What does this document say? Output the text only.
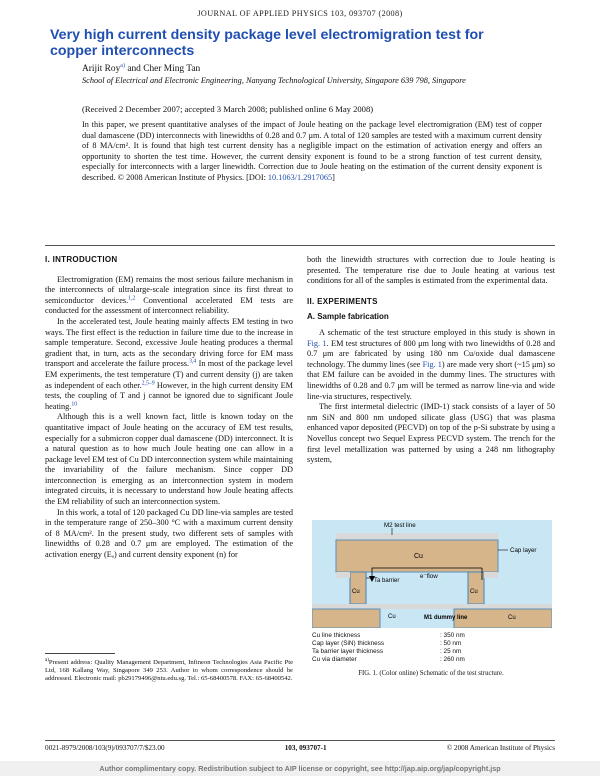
JOURNAL OF APPLIED PHYSICS 103, 093707 (2008)
Very high current density package level electromigration test for copper interconnects
Arijit Roy$^{a)}$ and Cher Ming Tan
School of Electrical and Electronic Engineering, Nanyang Technological University, Singapore 639 798, Singapore
(Received 2 December 2007; accepted 3 March 2008; published online 6 May 2008)
In this paper, we present quantitative analyses of the impact of Joule heating on the package level electromigration (EM) test of copper dual damascene (DD) interconnects with linewidths of 0.28 and 0.7 μm. A total of 120 samples are tested with a maximum current density of 8 MA/cm². It is found that high test current density has a negligible impact on the estimation of activation energy and offers an opportunity to shorten the test time. However, the current density exponent is found to be a strong function of test current density, especially for interconnects with a larger linewidth. Correction due to Joule heating on the estimation of the current density exponent is described. © 2008 American Institute of Physics. [DOI: 10.1063/1.2917065]
I. INTRODUCTION

Electromigration (EM) remains the most serious failure mechanism in the interconnects of ultralarge-scale integration since its first threat to semiconductor devices.$^{1,2}$ Conventional accelerated EM tests are conducted for the assessment of interconnect reliability.

In the accelerated test, Joule heating mainly affects EM testing in two ways. The first effect is the reduction in failure time due to the increase in sample temperature. Second, excessive Joule heating produces a thermal gradient that, in turn, acts as the secondary driving force for EM mass transport and accelerate the failure process.$^{3,4}$ In most of the package level EM experiments, the test temperature (T) and current density (j) are taken as independent of each other.$^{2,5-9}$ However, in the high current density EM tests, the coupling of T and j cannot be ignored due to significant Joule heating.$^{10}$

Although this is a well known fact, little is known today on the quantitative impact of Joule heating on the accuracy of EM test results, especially for a submicron copper dual damascene (DD) interconnect. It is a natural question as to how much Joule heating one can allow in a package level EM test of Cu DD interconnection system while maintaining the invariability of the failure mechanism. Since copper DD interconnection is emerging as an interconnection system in modern integrated circuits, it is necessary to understand how Joule heating affects the EM reliability of such an interconnection system.

In this work, a total of 120 packaged Cu DD line-via samples are tested in the temperature range of 250–300 °C with a maximum current density of 8 MA/cm². In the present study, two different sets of samples with linewidths of 0.28 and 0.7 μm are employed. The estimation of the activation energy (Eₐ) and current density exponent (n) for

$^{a)}$Present address: Quality Management Department, Infineon Technologies Asia Pacific Pte Ltd, 168 Kallang Way, Singapore 349 253. Author to whom correspondence should be addressed. Electronic mail: pb29179496@ntu.edu.sg. Tel.: 65-68400578. FAX: 65-68400542.

both the linewidth structures with correction due to Joule heating is presented. The temperature rise due to Joule heating at various test conditions for all of the samples is estimated from the experimental data.

II. EXPERIMENTS
A. Sample fabrication

A schematic of the test structure employed in this study is shown in Fig. 1. EM test structures of 800 μm long with two linewidths of 0.28 and 0.7 μm are fabricated by using 180 nm Cu/oxide dual damascene technology. The dummy lines (see Fig. 1) are made very short (~15 μm) so that EM failure can be avoided in the dummy lines. The structures with linewidths of 0.28 and 0.7 μm will be termed as narrow line-via and wide line-via structures, respectively.

The first intermetal dielectric (IMD-1) stack consists of a layer of 50 nm SiN and 800 nm undoped silicate glass (USG) that was plasma enhanced vapor deposited (PECVD) on top of the p-Si substrate by using a Novellus concept two Sequel Express PECVD system. The trench for the first level metallization was patterned by using a 248 nm lithography system,

M2 test line
Cu
Cu	Cu
Cu	Cu
Cap layer
e⁻flow
Ta barrier
M1 dummy line
Cu line thickness	: 350 nm
Cap layer (SiN) thickness	: 50 nm
Ta barrier layer thickness	: 25 nm
Cu via diameter	: 260 nm
FIG. 1. (Color online) Schematic of the test structure.
0021-8979/2008/103(9)/093707/7/$23.00	103, 093707-1	© 2008 American Institute of Physics
Author complimentary copy. Redistribution subject to AIP license or copyright, see http://jap.aip.org/jap/copyright.jsp
